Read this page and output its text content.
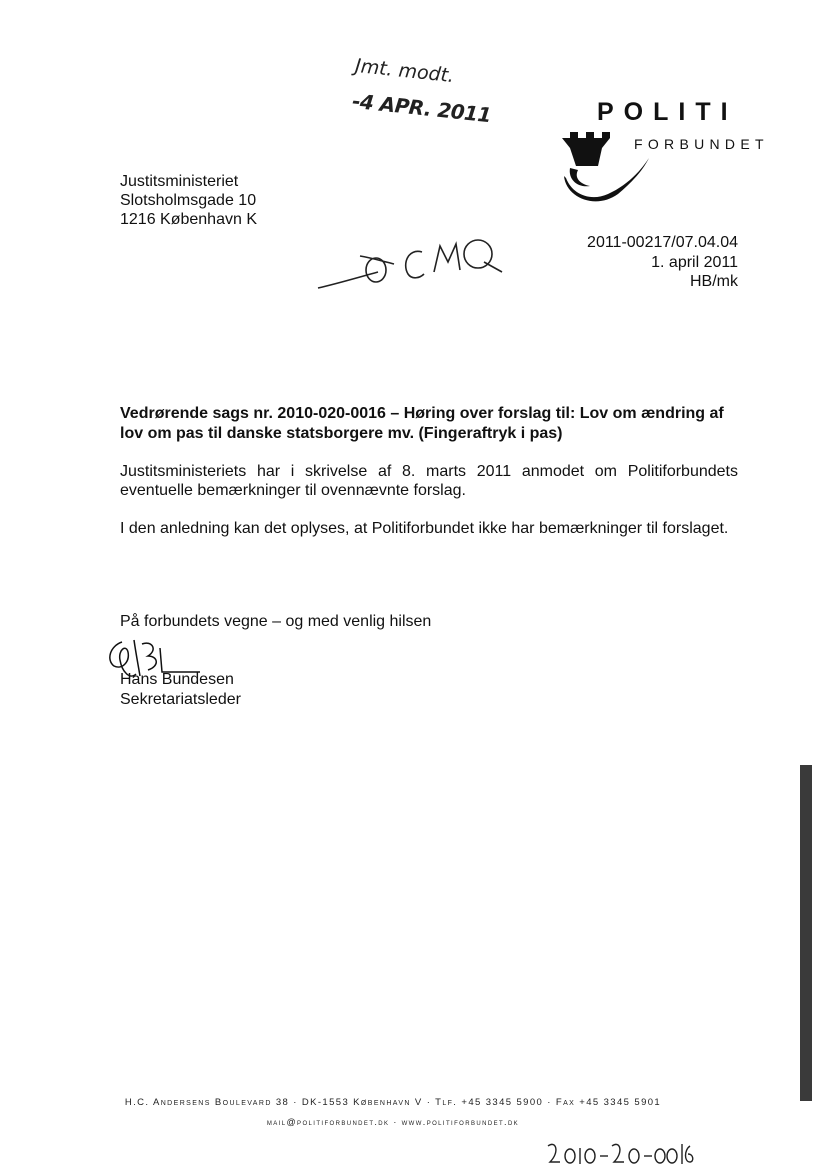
Jmt. modt.
-4 APR. 2011	POLITI
FORBUNDET
Justitsministeriet
Slotsholmsgade 10
1216 København K
2011-00217/07.04.04
1. april 2011
HB/mk
Vedrørende sags nr. 2010-020-0016 – Høring over forslag til: Lov om ændring af lov om pas til danske statsborgere mv. (Fingeraftryk i pas)
Justitsministeriets har i skrivelse af 8. marts 2011 anmodet om Politiforbundets eventuelle bemærkninger til ovennævnte forslag.
I den anledning kan det oplyses, at Politiforbundet ikke har bemærkninger til forslaget.
På forbundets vegne – og med venlig hilsen
Hans Bundesen
Sekretariatsleder
H.C. Andersens Boulevard 38 · DK-1553 København V · Tlf. +45 3345 5900 · Fax +45 3345 5901
mail@politiforbundet.dk · www.politiforbundet.dk
